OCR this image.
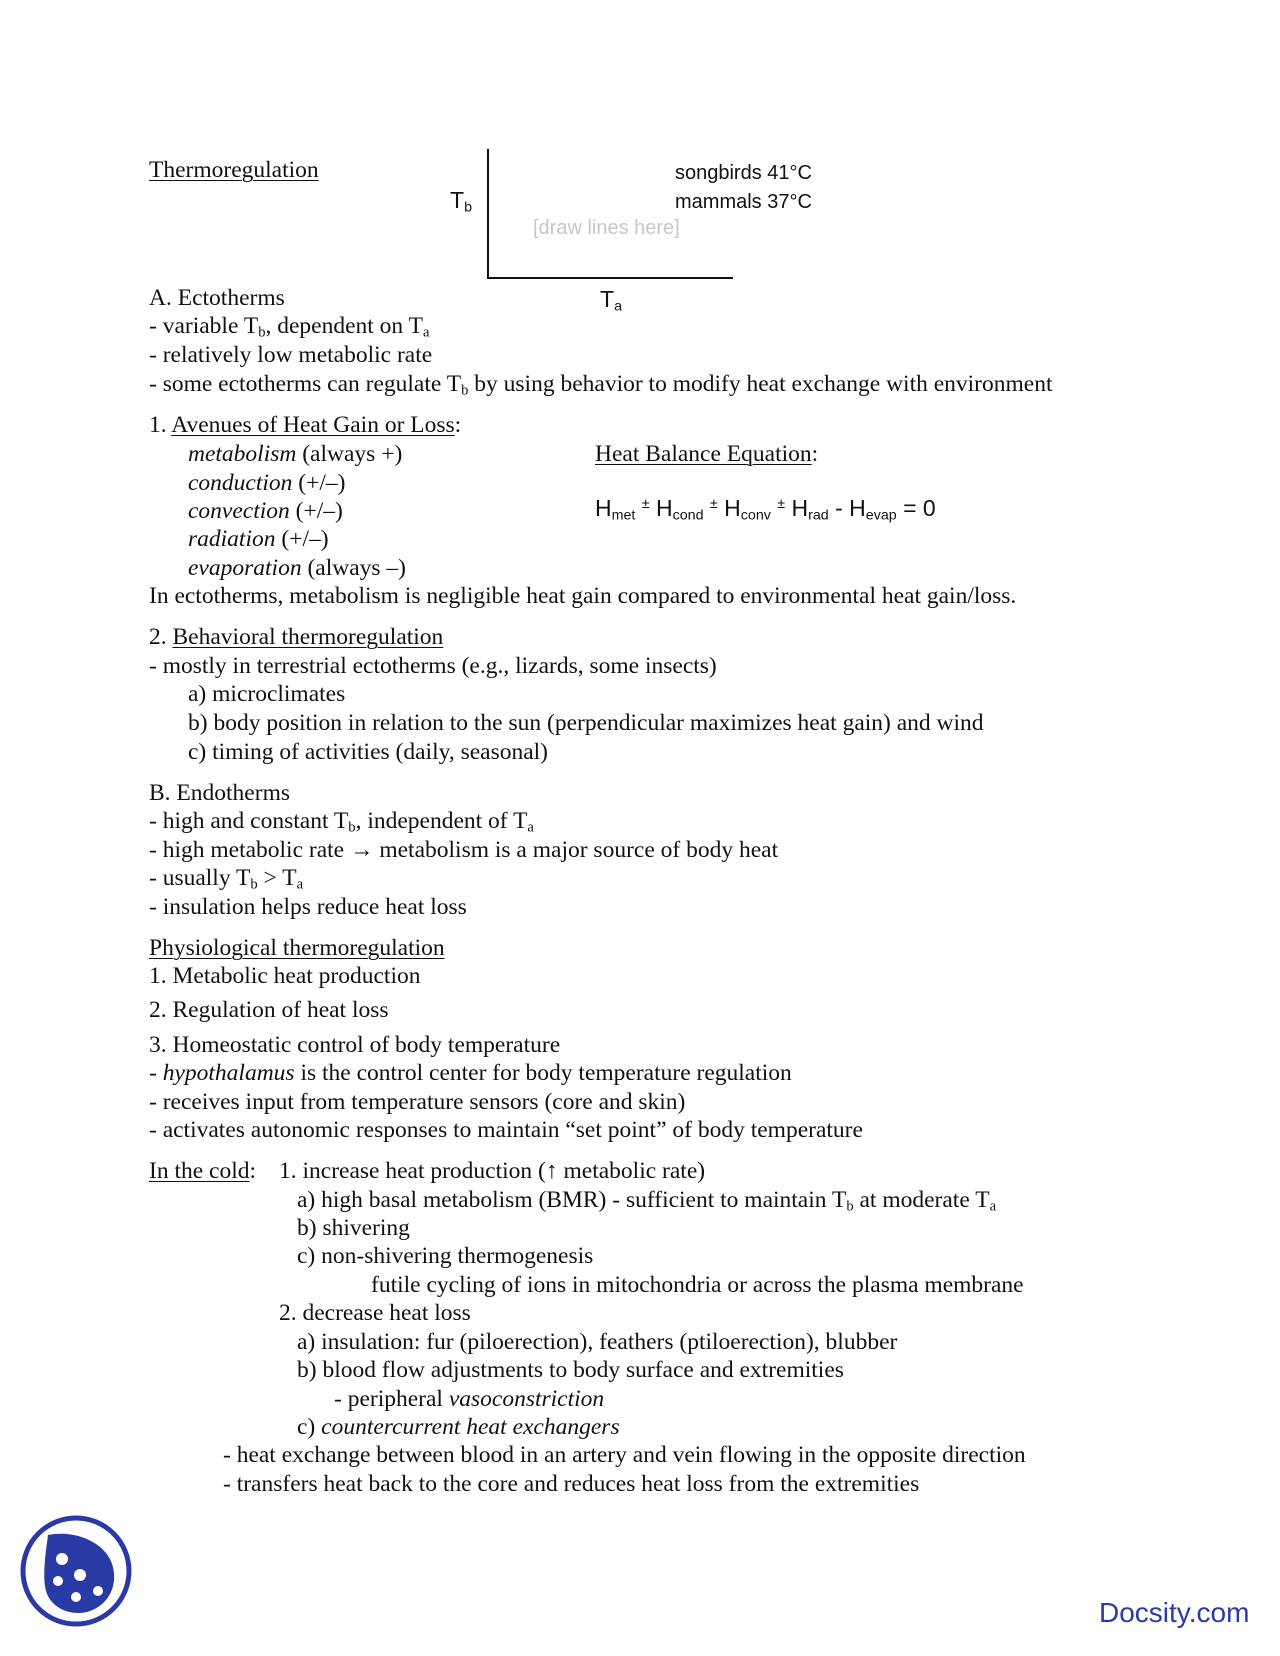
Thermoregulation
$T_b$
$T_a$
songbirds 41°C
mammals 37°C
[draw lines here]
A. Ectotherms
- variable $T_b$, dependent on $T_a$
- relatively low metabolic rate
- some ectotherms can regulate $T_b$ by using behavior to modify heat exchange with environment
1. Avenues of Heat Gain or Loss:
metabolism (always +)
conduction (+/–)
convection (+/–)
radiation (+/–)
evaporation (always –)
Heat Balance Equation:
$H_{met}$ ± $H_{cond}$ ± $H_{conv}$ ± $H_{rad} - H_{evap} = 0$
In ectotherms, metabolism is negligible heat gain compared to environmental heat gain/loss.
2. Behavioral thermoregulation
- mostly in terrestrial ectotherms (e.g., lizards, some insects)
a) microclimates
b) body position in relation to the sun (perpendicular maximizes heat gain) and wind
c) timing of activities (daily, seasonal)
B. Endotherms
- high and constant $T_b$, independent of $T_a$
- high metabolic rate → metabolism is a major source of body heat
- usually $T_b > T_a$
- insulation helps reduce heat loss
Physiological thermoregulation
1. Metabolic heat production
2. Regulation of heat loss
3. Homeostatic control of body temperature
- hypothalamus is the control center for body temperature regulation
- receives input from temperature sensors (core and skin)
- activates autonomic responses to maintain “set point” of body temperature
In the cold: 1. increase heat production (↑ metabolic rate)
a) high basal metabolism (BMR) - sufficient to maintain $T_b$ at moderate $T_a$
b) shivering
c) non-shivering thermogenesis
futile cycling of ions in mitochondria or across the plasma membrane
2. decrease heat loss
a) insulation: fur (piloerection), feathers (ptiloerection), blubber
b) blood flow adjustments to body surface and extremities
- peripheral vasoconstriction
c) countercurrent heat exchangers
- heat exchange between blood in an artery and vein flowing in the opposite direction
- transfers heat back to the core and reduces heat loss from the extremities
Docsity.com
